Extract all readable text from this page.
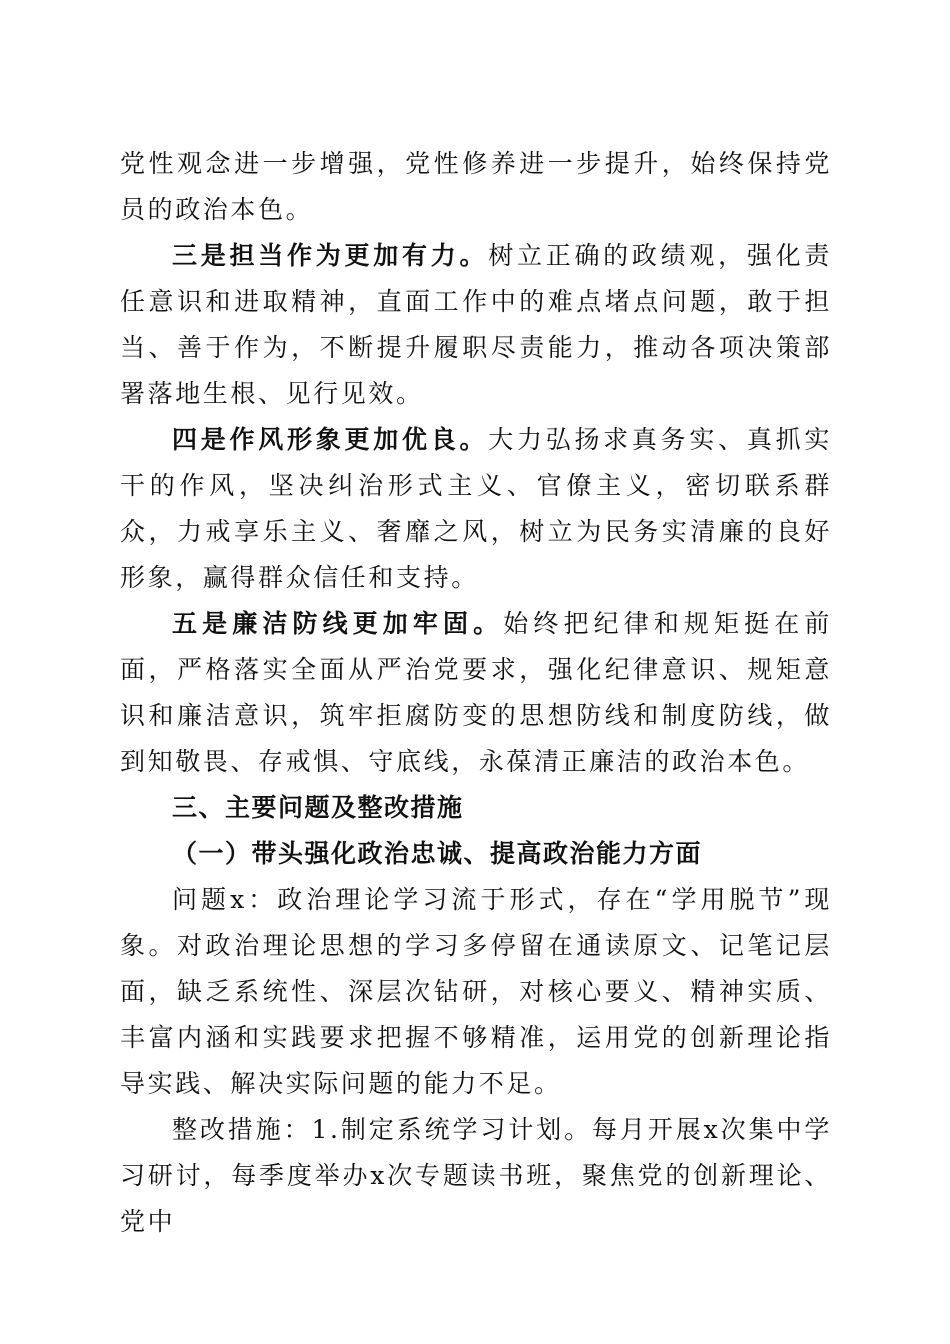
党性观念进一步增强，党性修养进一步提升，始终保持党员的政治本色。

三是担当作为更加有力。树立正确的政绩观，强化责任意识和进取精神，直面工作中的难点堵点问题，敢于担当、善于作为，不断提升履职尽责能力，推动各项决策部署落地生根、见行见效。

四是作风形象更加优良。大力弘扬求真务实、真抓实干的作风，坚决纠治形式主义、官僚主义，密切联系群众，力戒享乐主义、奢靡之风，树立为民务实清廉的良好形象，赢得群众信任和支持。

五是廉洁防线更加牢固。始终把纪律和规矩挺在前面，严格落实全面从严治党要求，强化纪律意识、规矩意识和廉洁意识，筑牢拒腐防变的思想防线和制度防线，做到知敬畏、存戒惧、守底线，永葆清正廉洁的政治本色。

三、主要问题及整改措施

（一）带头强化政治忠诚、提高政治能力方面

问题x：政治理论学习流于形式，存在“学用脱节”现象。对政治理论思想的学习多停留在通读原文、记笔记层面，缺乏系统性、深层次钻研，对核心要义、精神实质、丰富内涵和实践要求把握不够精准，运用党的创新理论指导实践、解决实际问题的能力不足。

整改措施：1.制定系统学习计划。每月开展x次集中学习研讨，每季度举办x次专题读书班，聚焦党的创新理论、党中
